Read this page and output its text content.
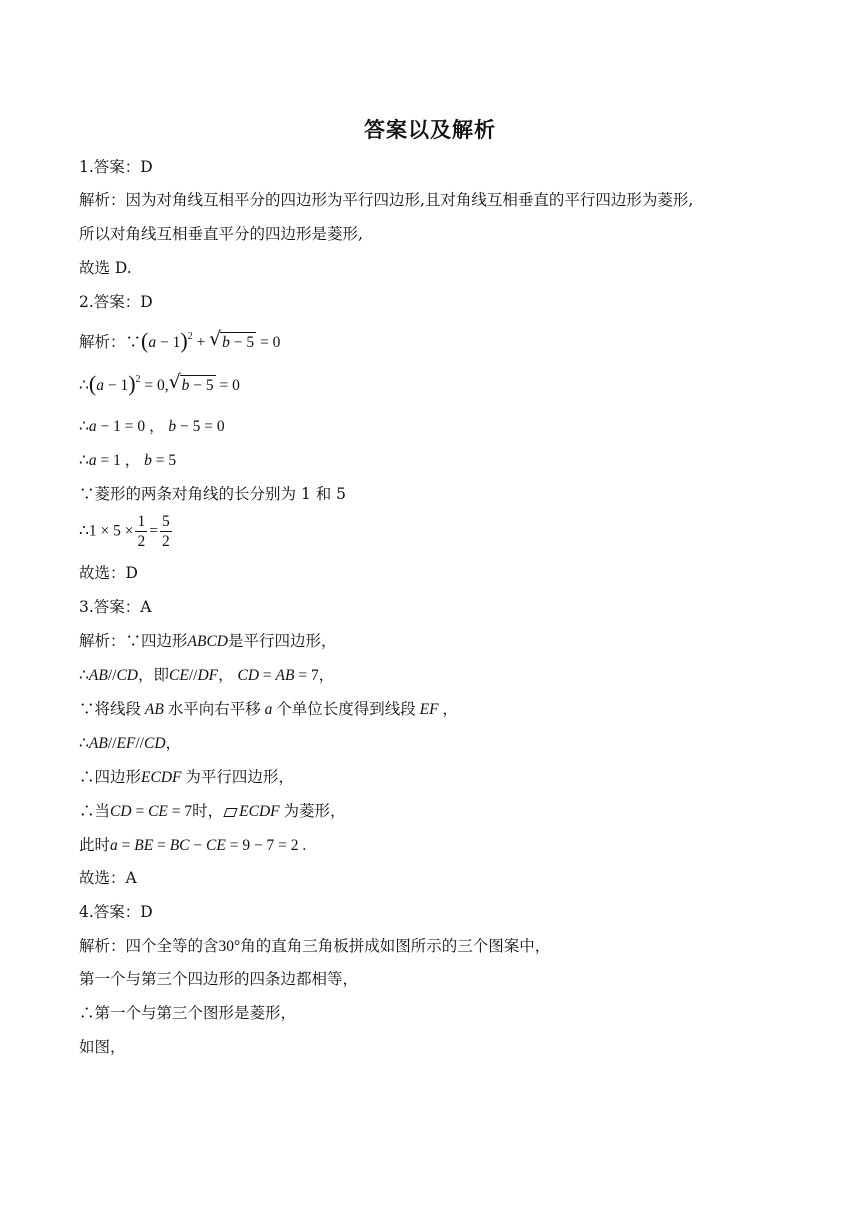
答案以及解析
1.答案：D
解析：因为对角线互相平分的四边形为平行四边形,且对角线互相垂直的平行四边形为菱形,
所以对角线互相垂直平分的四边形是菱形,
故选 D.
2.答案：D
解析：∵(a − 1)$^2$ + √ b − 5 = 0
∴(a − 1)$^2$ = 0, √ b − 5 = 0
∴a − 1 = 0 ， b − 5 = 0
∴a = 1 ， b = 5
∵菱形的两条对角线的长分别为 1 和 5
∴1 × $5 \times \frac{1}{2} = \frac{5}{2}$
故选：D
3.答案：A
解析：∵四边形ABCD是平行四边形，
∴AB//CD，即CE//DF， CD = AB = 7，
∵将线段 AB 水平向右平移 a 个单位长度得到线段 EF ，
∴AB//EF//CD，
∴四边形ECDF 为平行四边形，
∴当CD = CE = 7时， ECDF 为菱形，
此时a = BE = BC − CE = 9 − 7 = 2 .
故选：A
4.答案：D
解析：四个全等的含30°角的直角三角板拼成如图所示的三个图案中，
第一个与第三个四边形的四条边都相等，
∴第一个与第三个图形是菱形，
如图，
